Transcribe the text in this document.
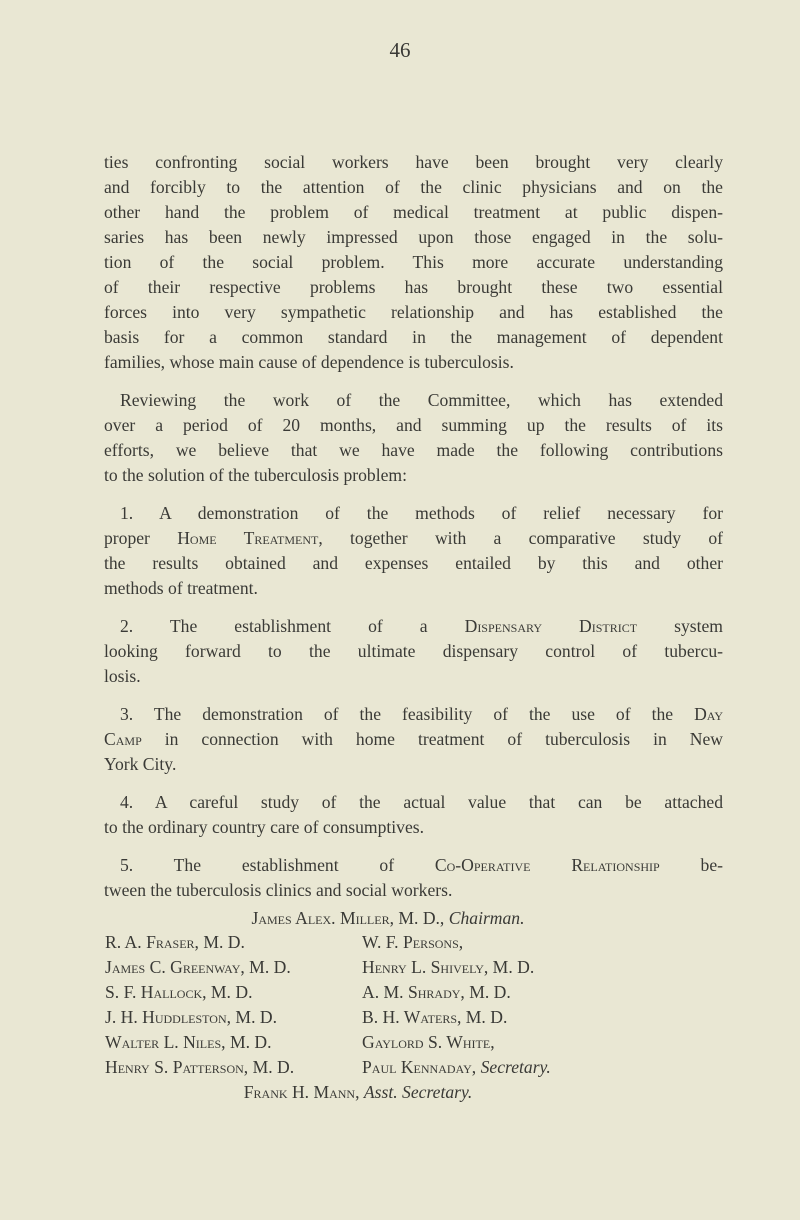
46
ties confronting social workers have been brought very clearly
and forcibly to the attention of the clinic physicians and on the
other hand the problem of medical treatment at public dispen-
saries has been newly impressed upon those engaged in the solu-
tion of the social problem. This more accurate understanding
of their respective problems has brought these two essential
forces into very sympathetic relationship and has established the
basis for a common standard in the management of dependent
families, whose main cause of dependence is tuberculosis.
Reviewing the work of the Committee, which has extended
over a period of 20 months, and summing up the results of its
efforts, we believe that we have made the following contributions
to the solution of the tuberculosis problem:
1. A demonstration of the methods of relief necessary for
proper Home Treatment, together with a comparative study of
the results obtained and expenses entailed by this and other
methods of treatment.
2. The establishment of a Dispensary District system
looking forward to the ultimate dispensary control of tubercu-
losis.
3. The demonstration of the feasibility of the use of the Day
Camp in connection with home treatment of tuberculosis in New
York City.
4. A careful study of the actual value that can be attached
to the ordinary country care of consumptives.
5. The establishment of Co-Operative Relationship be-
tween the tuberculosis clinics and social workers.
James Alex. Miller, M. D., Chairman.
R. A. Fraser, M. D.
James C. Greenway, M. D.
S. F. Hallock, M. D.
J. H. Huddleston, M. D.
Walter L. Niles, M. D.
Henry S. Patterson, M. D.
W. F. Persons,
Henry L. Shively, M. D.
A. M. Shrady, M. D.
B. H. Waters, M. D.
Gaylord S. White,
Paul Kennaday, Secretary.
Frank H. Mann, Asst. Secretary.
